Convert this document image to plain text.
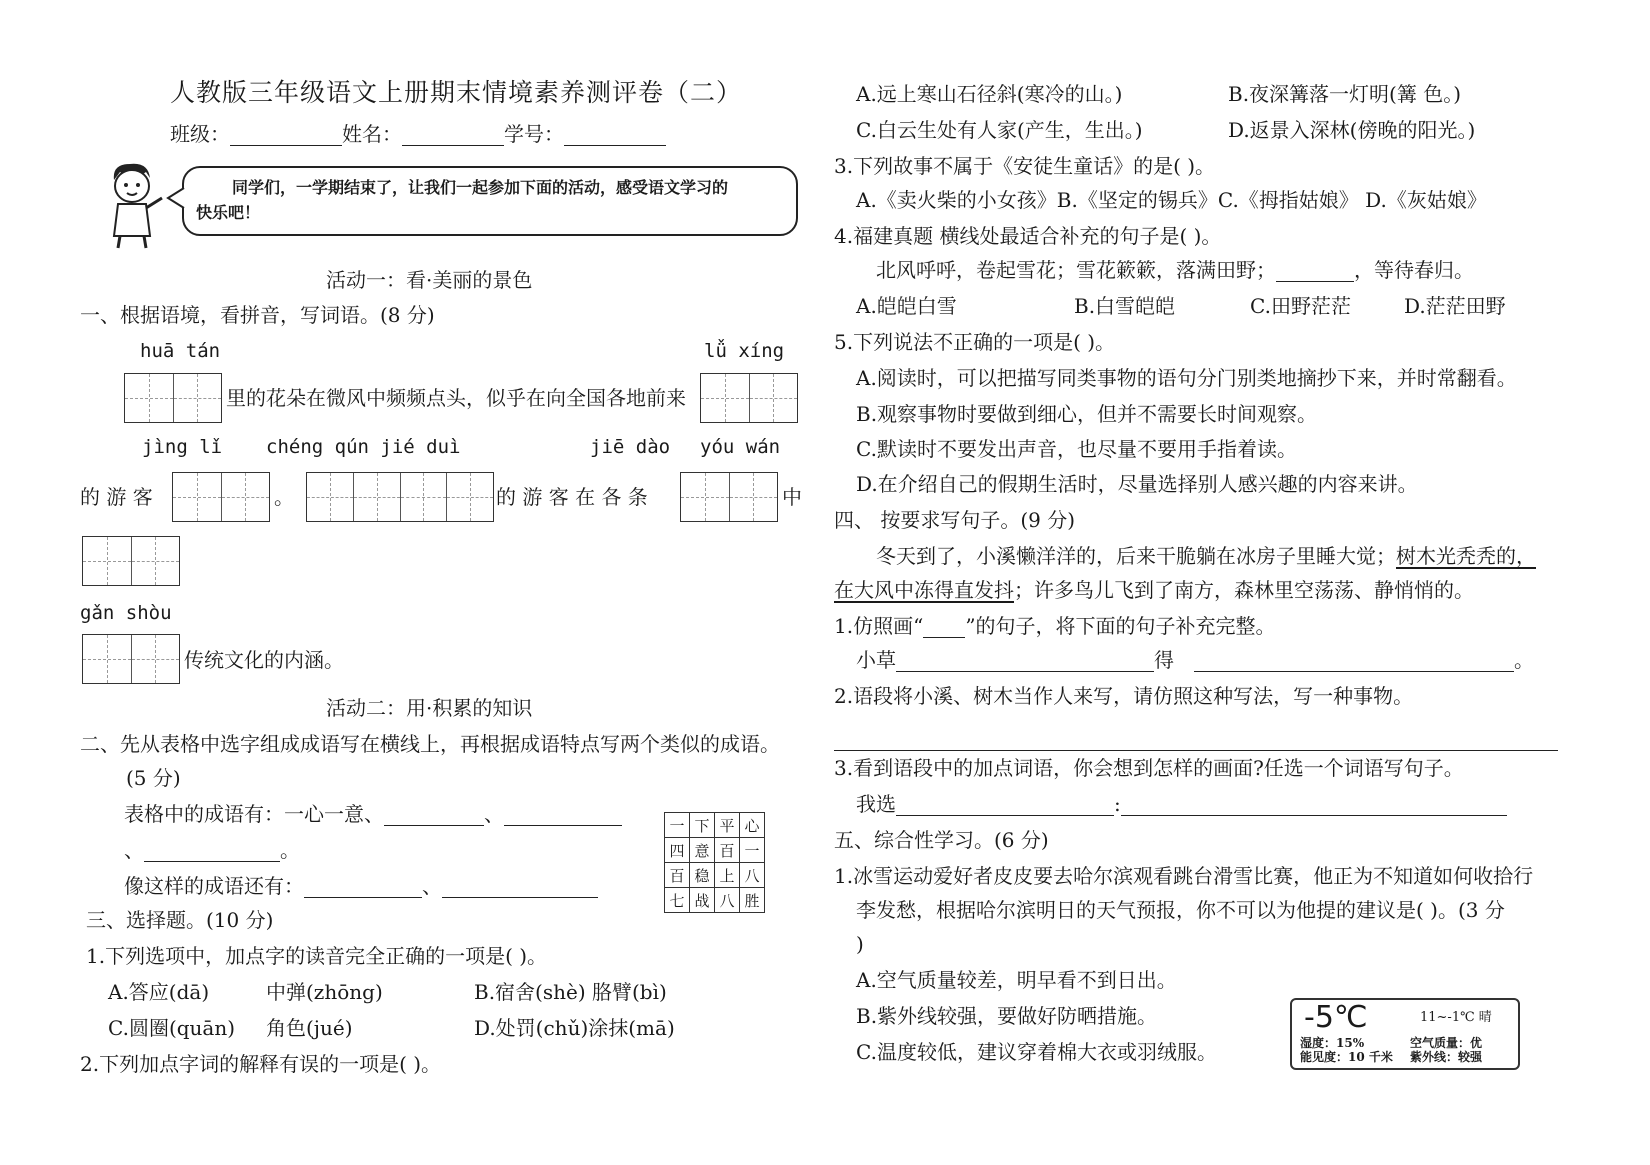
人教版三年级语文上册期末情境素养测评卷（二）
班级：	姓名：	学号：
同学们，一学期结束了，让我们一起参加下面的活动，感受语文学习的
快乐吧！
活动一：看·美丽的景色
一、根据语境，看拼音，写词语。(8 分)
huā tán	lǚ xíng
里的花朵在微风中频频点头，似乎在向全国各地前来
jìng lǐ chéng qún jié duì	jiē dào yóu wán
的 游 客	。	的 游 客 在 各 条	中
gǎn shòu
传统文化的内涵。
活动二：用·积累的知识
二、先从表格中选字组成成语写在横线上，再根据成语特点写两个类似的成语。
(5 分)
表格中的成语有：一心一意、	、
、	。
像这样的成语还有：	、
一	下	平	心
四	意	百	一
百	稳	上	八
七	战	八	胜
三、选择题。(10 分)
1.下列选项中，加点字的读音完全正确的一项是( )。
A.答应(dā)	中弹(zhōng)	B.宿舍(shè) 胳臂(bì)
C.圆圈(quān) 角色(jué)	D.处罚(chǔ)涂抹(mā)
2.下列加点字词的解释有误的一项是( )。
A.远上寒山石径斜(寒冷的山。)	B.夜深篝落一灯明(篝 色。)
C.白云生处有人家(产生，生出。)	D.返景入深林(傍晚的阳光。)
3.下列故事不属于《安徒生童话》的是( )。
A.《卖火柴的小女孩》B.《坚定的锡兵》C.《拇指姑娘》 D.《灰姑娘》
4.福建真题 横线处最适合补充的句子是( )。
北风呼呼，卷起雪花；雪花簌簌，落满田野；	，等待春归。
A.皑皑白雪	B.白雪皑皑	C.田野茫茫	D.茫茫田野
5.下列说法不正确的一项是( )。
A.阅读时，可以把描写同类事物的语句分门别类地摘抄下来，并时常翻看。
B.观察事物时要做到细心，但并不需要长时间观察。
C.默读时不要发出声音，也尽量不要用手指着读。
D.在介绍自己的假期生活时，尽量选择别人感兴趣的内容来讲。
四、 按要求写句子。(9 分)
冬天到了，小溪懒洋洋的，后来干脆躺在冰房子里睡大觉；树木光秃秃的，
在大风中冻得直发抖；许多鸟儿飞到了南方，森林里空荡荡、静悄悄的。
1.仿照画“ ”的句子，将下面的句子补充完整。
小草	得	。
2.语段将小溪、树木当作人来写，请仿照这种写法，写一种事物。
3.看到语段中的加点词语，你会想到怎样的画面?任选一个词语写句子。
我选	:
五、综合性学习。(6 分)
1.冰雪运动爱好者皮皮要去哈尔滨观看跳台滑雪比赛，他正为不知道如何收拾行
李发愁，根据哈尔滨明日的天气预报，你不可以为他提的建议是( )。(3 分
)
A.空气质量较差，明早看不到日出。
B.紫外线较强，要做好防晒措施。
C.温度较低，建议穿着棉大衣或羽绒服。
-5℃	11~-1℃ 晴
湿度：15%	空气质量：优
能见度：10 千米 紫外线：较强
